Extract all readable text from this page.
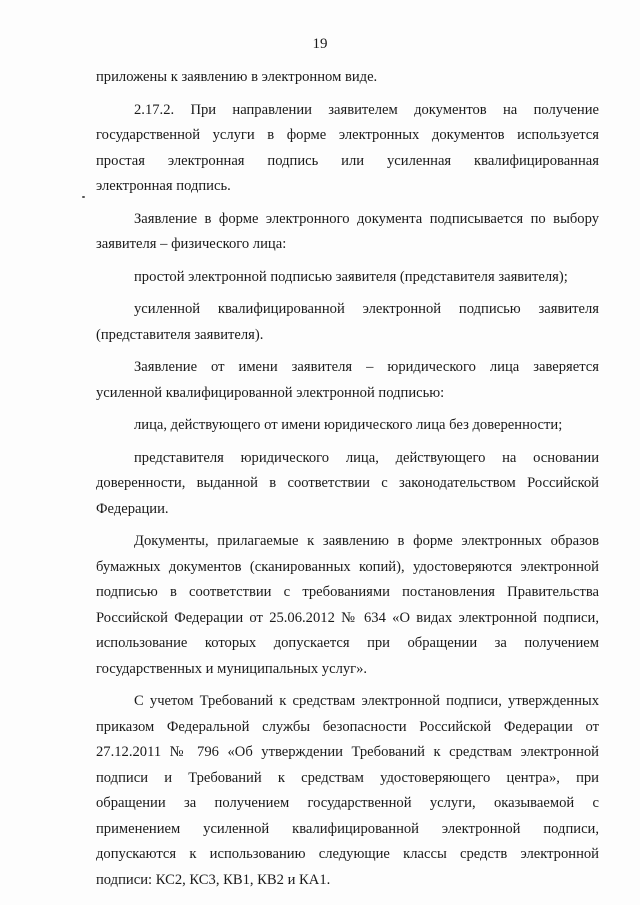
19
приложены к заявлению в электронном виде.
2.17.2. При направлении заявителем документов на получение
государственной услуги в форме электронных документов используется
простая электронная подпись или усиленная квалифицированная
электронная подпись.
Заявление в форме электронного документа подписывается по выбору
заявителя – физического лица:
простой электронной подписью заявителя (представителя заявителя);
усиленной квалифицированной электронной подписью заявителя
(представителя заявителя).
Заявление от имени заявителя – юридического лица заверяется
усиленной квалифицированной электронной подписью:
лица, действующего от имени юридического лица без доверенности;
представителя юридического лица, действующего на основании
доверенности, выданной в соответствии с законодательством Российской
Федерации.
Документы, прилагаемые к заявлению в форме электронных образов
бумажных документов (сканированных копий), удостоверяются электронной
подписью в соответствии с требованиями постановления Правительства
Российской Федерации от 25.06.2012 № 634 «О видах электронной подписи,
использование которых допускается при обращении за получением
государственных и муниципальных услуг».
С учетом Требований к средствам электронной подписи, утвержденных
приказом Федеральной службы безопасности Российской Федерации от
27.12.2011 № 796 «Об утверждении Требований к средствам электронной
подписи и Требований к средствам удостоверяющего центра», при
обращении за получением государственной услуги, оказываемой с
применением усиленной квалифицированной электронной подписи,
допускаются к использованию следующие классы средств электронной
подписи: КС2, КС3, КВ1, КВ2 и КА1.
